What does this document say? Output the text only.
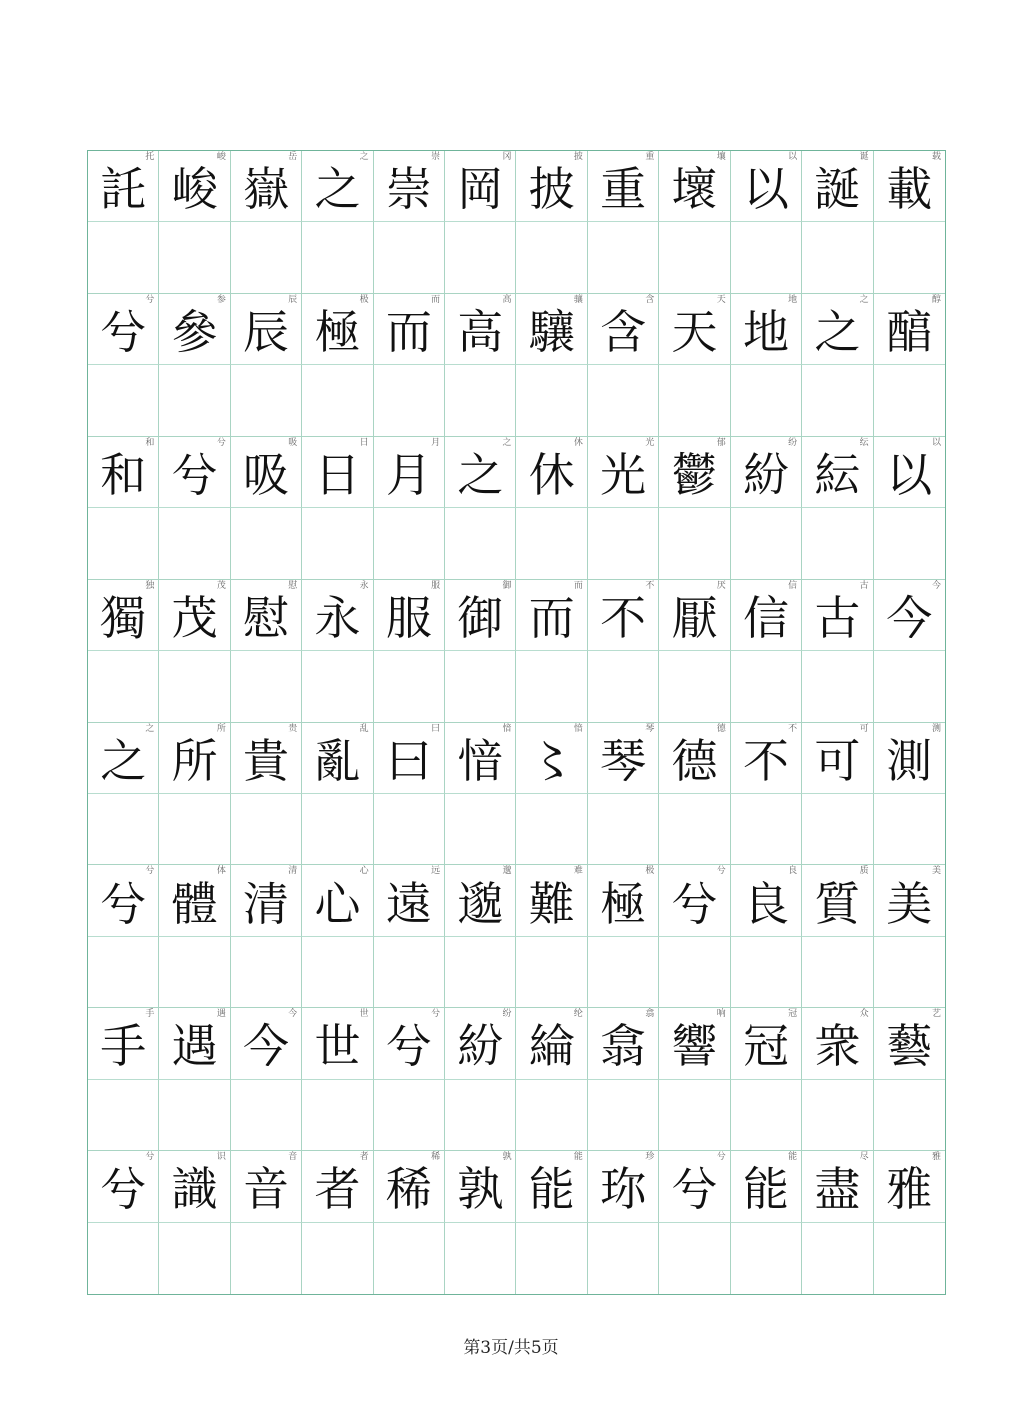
托
託
峻
峻
岳
嶽
之
之
崇
崇
冈
岡
披
披
重
重
壤
壞
以
以
诞
誕
载
載
兮
兮
参
參
辰
辰
极
極
而
而
高
高
骧
驤
含
含
天
天
地
地
之
之
醇
醕
和
和
兮
兮
吸
吸
日
日
月
月
之
之
休
休
光
光
郁
鬱
纷
紛
纭
紜
以
以
独
獨
茂
茂
慰
慰
永
永
服
服
御
御
而
而
不
不
厌
厭
信
信
古
古
今
今
之
之
所
所
贵
貴
乱
亂
曰
曰
愔
愔
愔
〻
琴
琴
德
德
不
不
可
可
测
測
兮
兮
体
體
清
清
心
心
远
遠
邈
邈
难
難
极
極
兮
兮
良
良
质
質
美
美
手
手
遇
遇
今
今
世
世
兮
兮
纷
紛
纶
綸
翕
翕
响
響
冠
冠
众
衆
艺
藝
兮
兮
识
識
音
音
者
者
稀
稀
孰
孰
能
能
珍
珎
兮
兮
能
能
尽
盡
雅
雅
第3页/共5页
